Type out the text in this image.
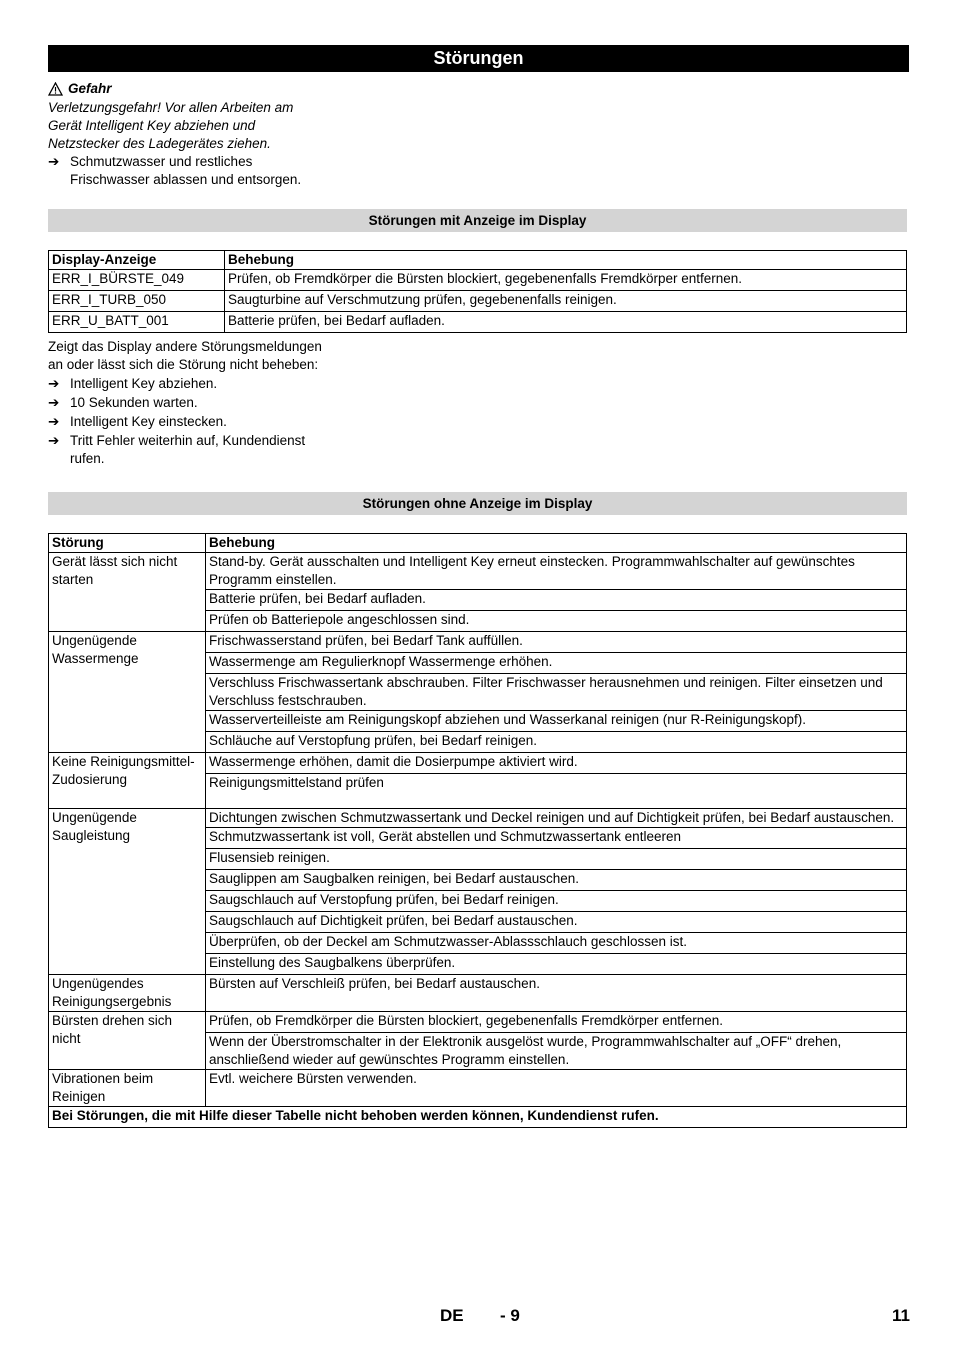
Störungen
Gefahr
Verletzungsgefahr! Vor allen Arbeiten am Gerät Intelligent Key abziehen und Netzstecker des Ladegerätes ziehen.
➔ Schmutzwasser und restliches Frischwasser ablassen und entsorgen.
Störungen mit Anzeige im Display
Display-Anzeige	Behebung
ERR_I_BÜRSTE_049	Prüfen, ob Fremdkörper die Bürsten blockiert, gegebenenfalls Fremdkörper entfernen.
ERR_I_TURB_050	Saugturbine auf Verschmutzung prüfen, gegebenenfalls reinigen.
ERR_U_BATT_001	Batterie prüfen, bei Bedarf aufladen.
Zeigt das Display andere Störungsmeldungen an oder lässt sich die Störung nicht beheben:
➔ Intelligent Key abziehen.
➔ 10 Sekunden warten.
➔ Intelligent Key einstecken.
➔ Tritt Fehler weiterhin auf, Kundendienst rufen.
Störungen ohne Anzeige im Display
Störung	Behebung
Gerät lässt sich nicht starten	Stand-by. Gerät ausschalten und Intelligent Key erneut einstecken. Programmwahlschalter auf gewünschtes Programm einstellen.
	Batterie prüfen, bei Bedarf aufladen.
	Prüfen ob Batteriepole angeschlossen sind.
Ungenügende Wassermenge	Frischwasserstand prüfen, bei Bedarf Tank auffüllen.
	Wassermenge am Regulierknopf Wassermenge erhöhen.
	Verschluss Frischwassertank abschrauben. Filter Frischwasser herausnehmen und reinigen. Filter einsetzen und Verschluss festschrauben.
	Wasserverteilleiste am Reinigungskopf abziehen und Wasserkanal reinigen (nur R-Reinigungskopf).
	Schläuche auf Verstopfung prüfen, bei Bedarf reinigen.
Keine Reinigungsmittel-Zudosierung	Wassermenge erhöhen, damit die Dosierpumpe aktiviert wird.
	Reinigungsmittelstand prüfen
Ungenügende Saugleistung	Dichtungen zwischen Schmutzwassertank und Deckel reinigen und auf Dichtigkeit prüfen, bei Bedarf austauschen.
	Schmutzwassertank ist voll, Gerät abstellen und Schmutzwassertank entleeren
	Flusensieb reinigen.
	Sauglippen am Saugbalken reinigen, bei Bedarf austauschen.
	Saugschlauch auf Verstopfung prüfen, bei Bedarf reinigen.
	Saugschlauch auf Dichtigkeit prüfen, bei Bedarf austauschen.
	Überprüfen, ob der Deckel am Schmutzwasser-Ablassschlauch geschlossen ist.
	Einstellung des Saugbalkens überprüfen.
Ungenügendes Reinigungsergebnis	Bürsten auf Verschleiß prüfen, bei Bedarf austauschen.
Bürsten drehen sich nicht	Prüfen, ob Fremdkörper die Bürsten blockiert, gegebenenfalls Fremdkörper entfernen.
	Wenn der Überstromschalter in der Elektronik ausgelöst wurde, Programmwahlschalter auf „OFF“ drehen, anschließend wieder auf gewünschtes Programm einstellen.
Vibrationen beim Reinigen	Evtl. weichere Bürsten verwenden.
Bei Störungen, die mit Hilfe dieser Tabelle nicht behoben werden können, Kundendienst rufen.	
DE - 9	11
